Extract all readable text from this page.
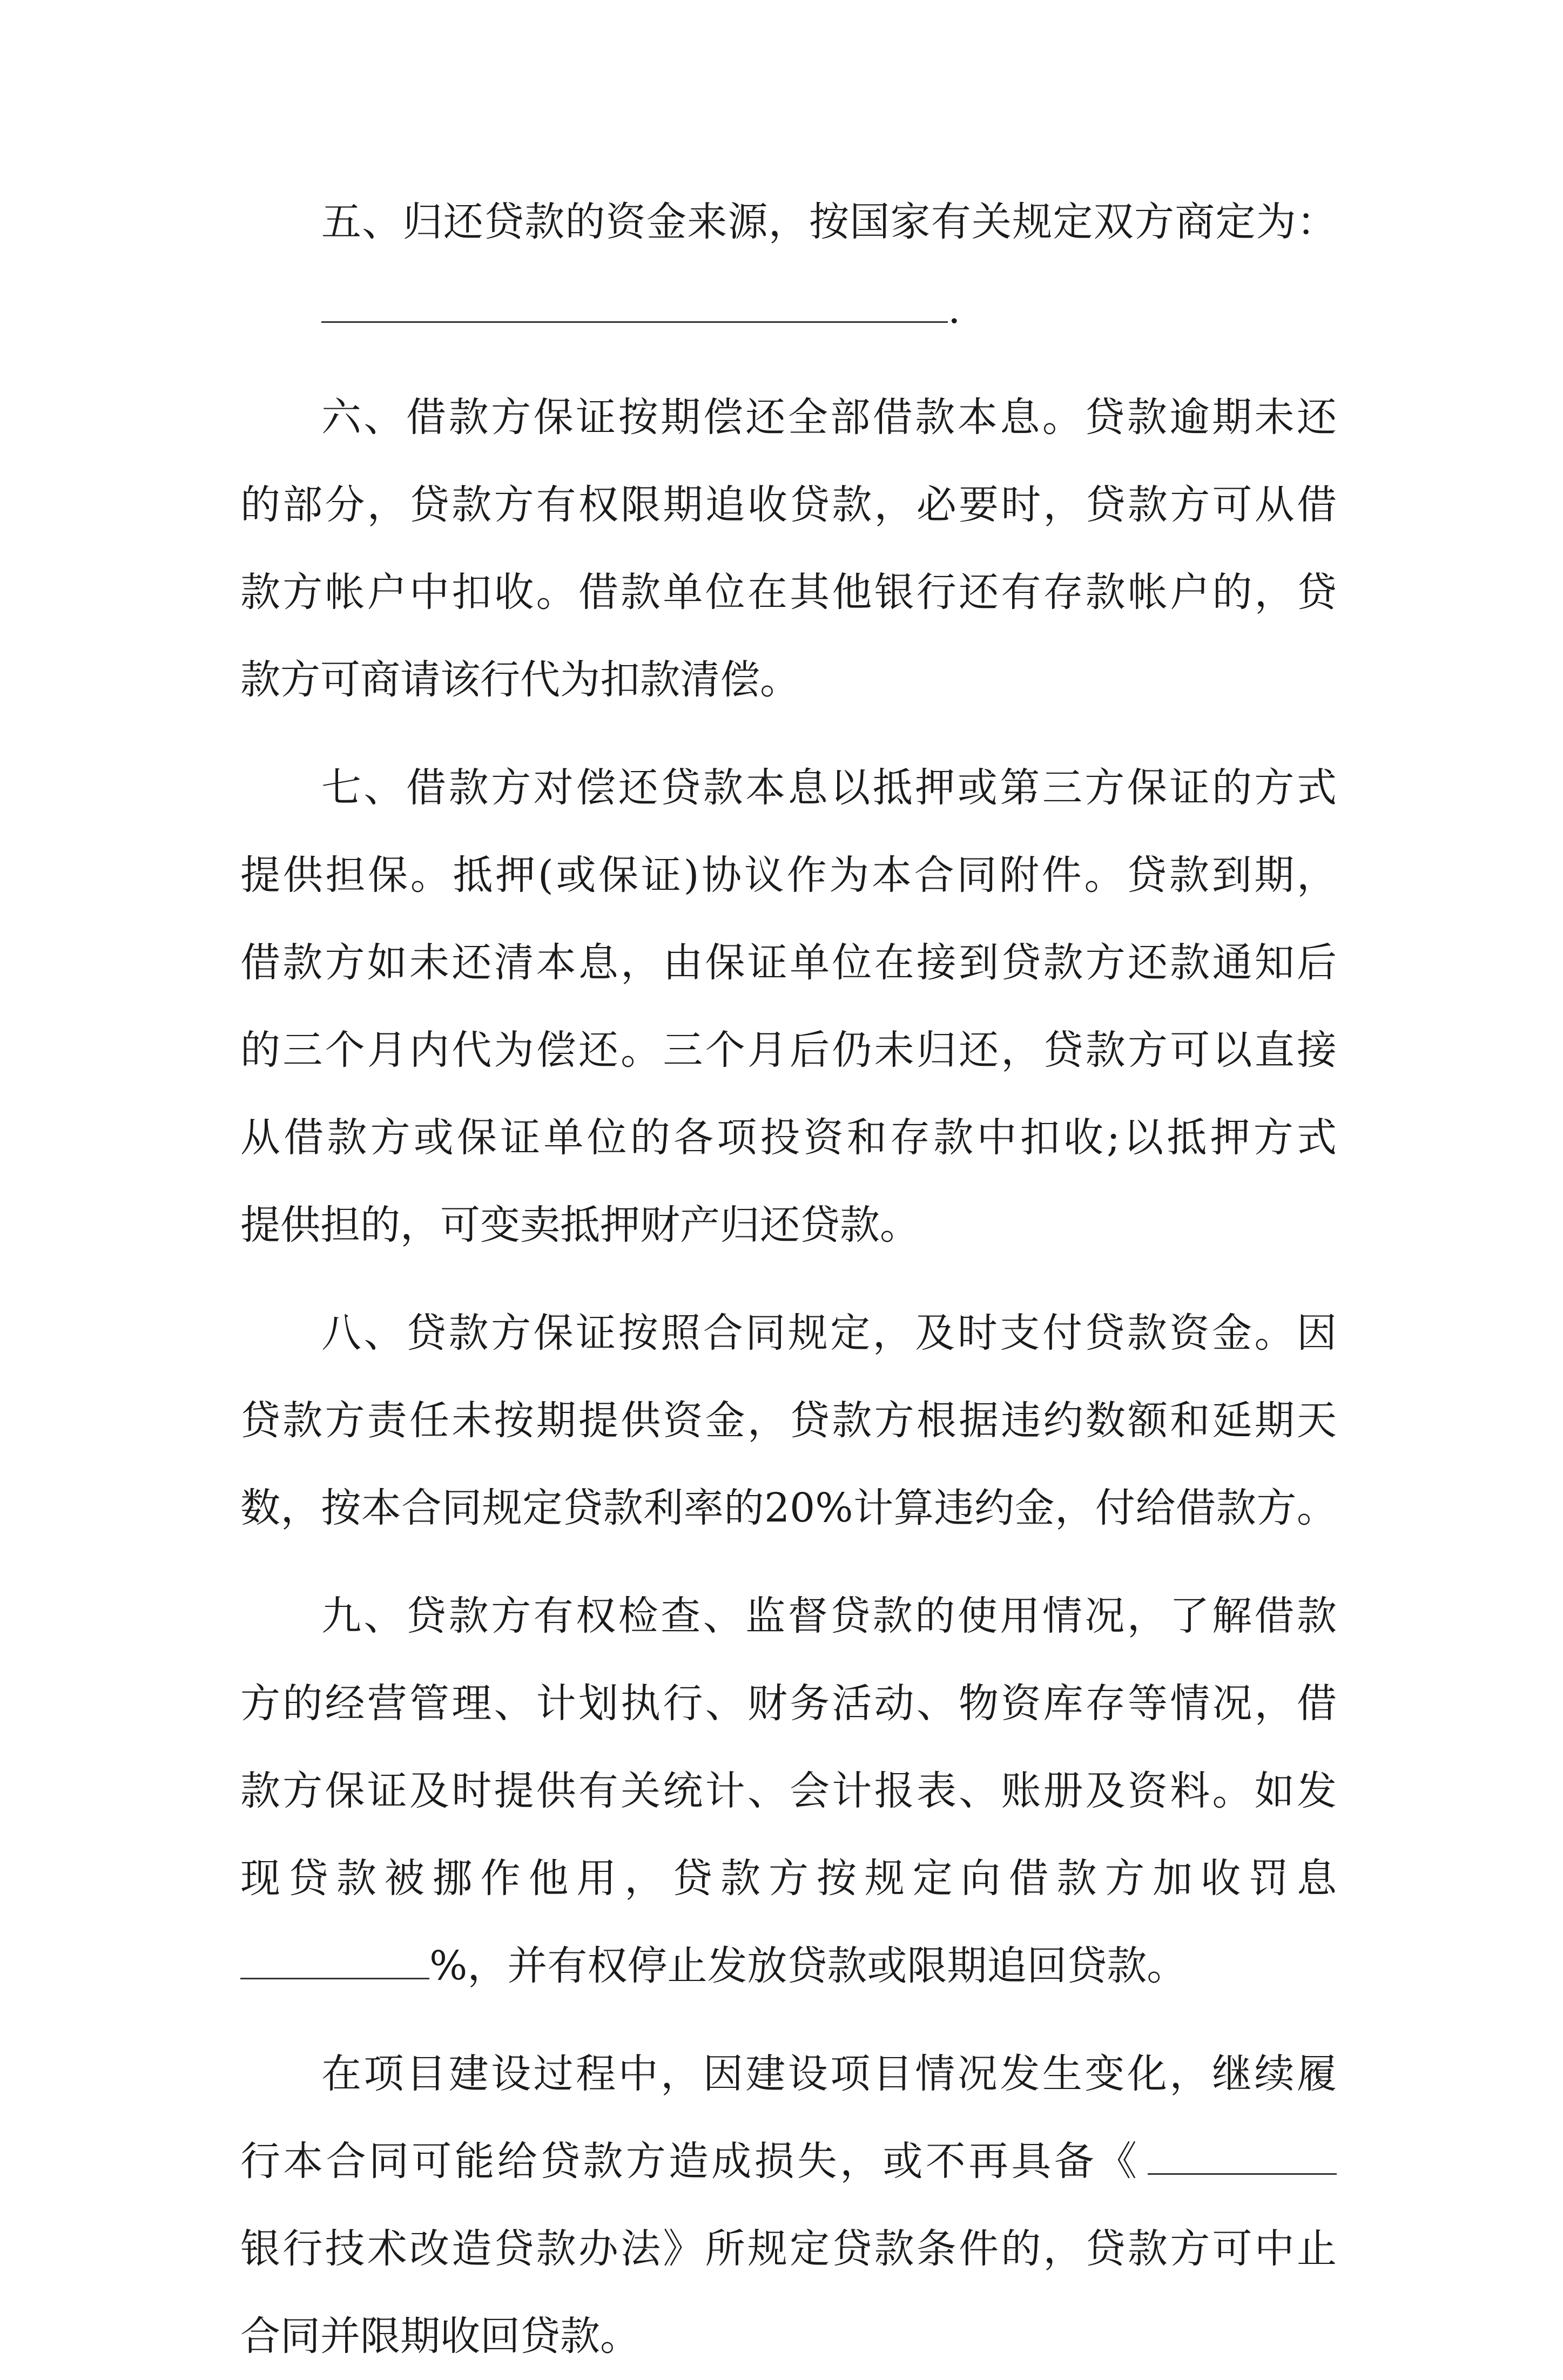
五、归还贷款的资金来源，按国家有关规定双方商定为：
.
六、借款方保证按期偿还全部借款本息。贷款逾期未还
的部分，贷款方有权限期追收贷款，必要时，贷款方可从借
款方帐户中扣收。借款单位在其他银行还有存款帐户的，贷
款方可商请该行代为扣款清偿。
七、借款方对偿还贷款本息以抵押或第三方保证的方式
提供担保。抵押(或保证)协议作为本合同附件。贷款到期，
借款方如未还清本息，由保证单位在接到贷款方还款通知后
的三个月内代为偿还。三个月后仍未归还，贷款方可以直接
从借款方或保证单位的各项投资和存款中扣收;以抵押方式
提供担的，可变卖抵押财产归还贷款。
八、贷款方保证按照合同规定，及时支付贷款资金。因
贷款方责任未按期提供资金，贷款方根据违约数额和延期天
数，按本合同规定贷款利率的20%计算违约金，付给借款方。
九、贷款方有权检查、监督贷款的使用情况，了解借款
方的经营管理、计划执行、财务活动、物资库存等情况，借
款方保证及时提供有关统计、会计报表、账册及资料。如发
现贷款被挪作他用，贷款方按规定向借款方加收罚息
%，并有权停止发放贷款或限期追回贷款。
在项目建设过程中，因建设项目情况发生变化，继续履
行本合同可能给贷款方造成损失，或不再具备《
银行技术改造贷款办法》所规定贷款条件的，贷款方可中止
合同并限期收回贷款。
